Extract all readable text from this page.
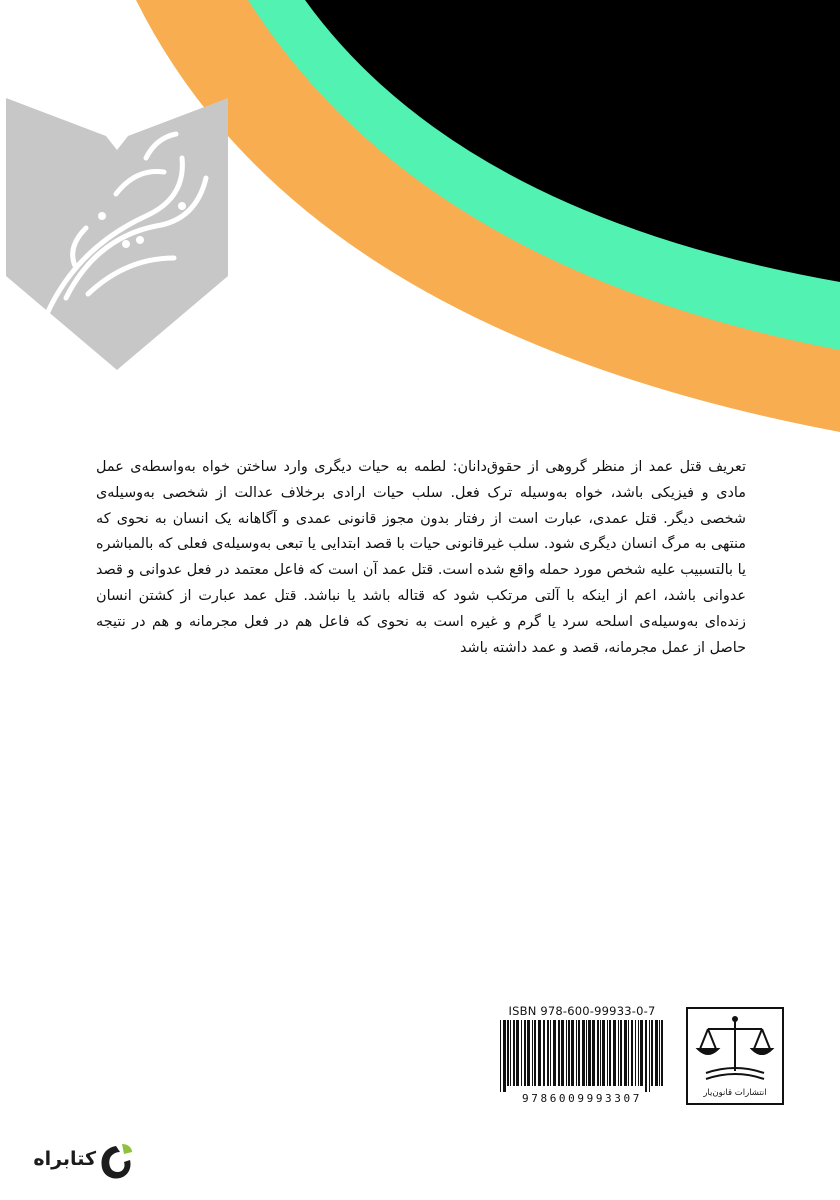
تعریف قتل عمد از منظر گروهی از حقوق‌دانان: لطمه به حیات دیگری وارد ساختن خواه به‌واسطه‌ی عمل مادی و فیزیکی باشد، خواه به‌وسیله ترک فعل. سلب حیات ارادی برخلاف عدالت از شخصی به‌وسیله‌ی شخصی دیگر. قتل عمدی، عبارت است از رفتار بدون مجوز قانونی عمدی و آگاهانه یک انسان به نحوی که منتهی به مرگ انسان دیگری شود. سلب غیرقانونی حیات با قصد ابتدایی یا تبعی به‌وسیله‌ی فعلی که بالمباشره یا بالتسبیب علیه شخص مورد حمله واقع شده است. قتل عمد آن است که فاعل معتمد در فعل عدوانی و قصد عدوانی باشد، اعم از اینکه با آلتی مرتکب شود که قتاله باشد یا نباشد. قتل عمد عبارت از کشتن انسان زنده‌ای به‌وسیله‌ی اسلحه سرد یا گرم و غیره است به نحوی که فاعل هم در فعل مجرمانه و هم در نتیجه حاصل از عمل مجرمانه، قصد و عمد داشته باشد
ISBN 978-600-99933-0-7
9786009993307	انتشارات قانون‌یار
کتابراه
